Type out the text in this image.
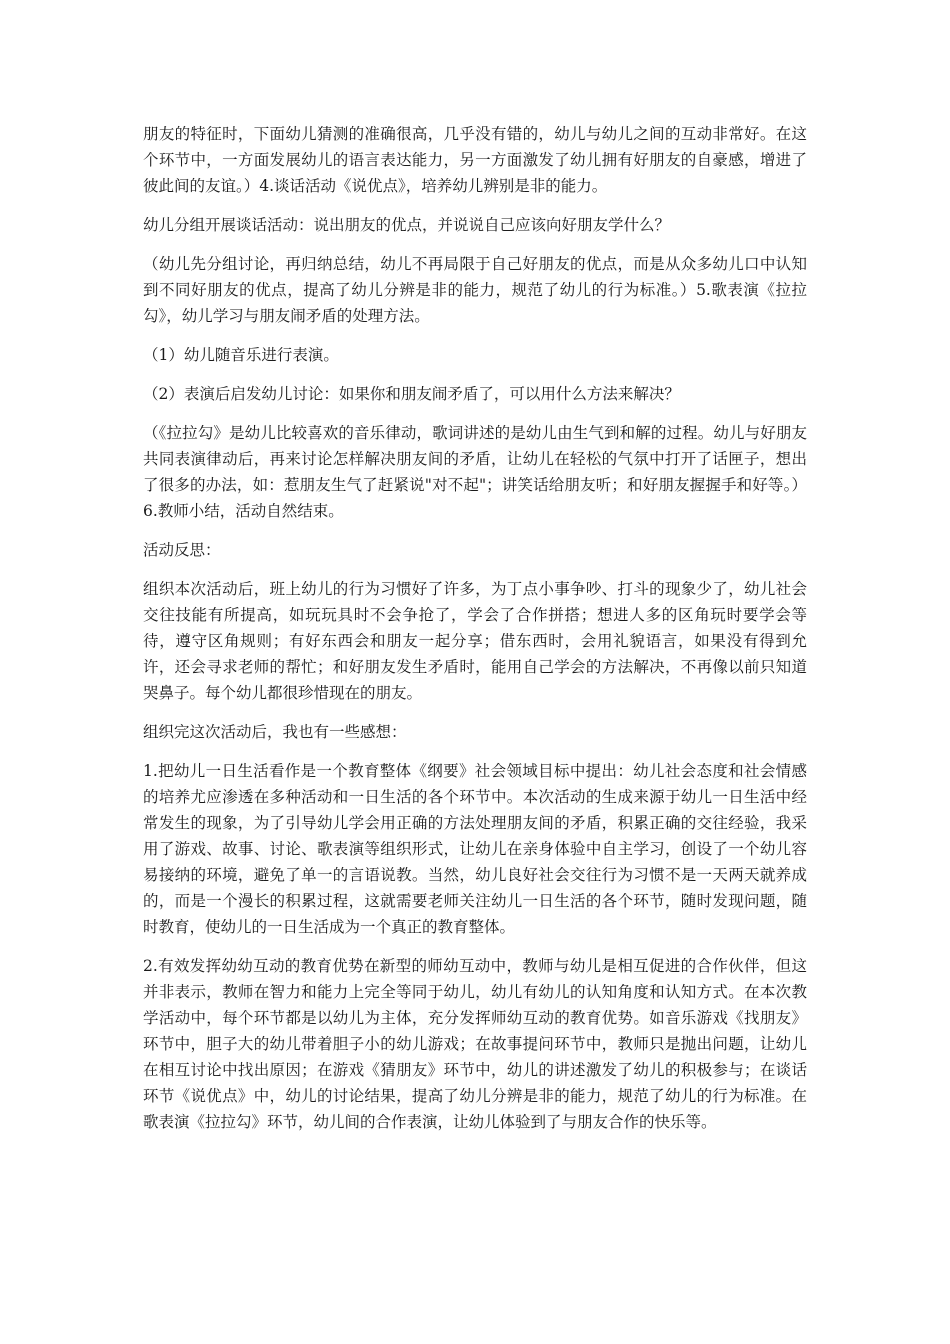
朋友的特征时，下面幼儿猜测的准确很高，几乎没有错的，幼儿与幼儿之间的互动非常好。在这个环节中，一方面发展幼儿的语言表达能力，另一方面激发了幼儿拥有好朋友的自豪感，增进了彼此间的友谊。）4.谈话活动《说优点》，培养幼儿辨别是非的能力。

幼儿分组开展谈话活动：说出朋友的优点，并说说自己应该向好朋友学什么？

（幼儿先分组讨论，再归纳总结，幼儿不再局限于自己好朋友的优点，而是从众多幼儿口中认知到不同好朋友的优点，提高了幼儿分辨是非的能力，规范了幼儿的行为标准。）5.歌表演《拉拉勾》，幼儿学习与朋友闹矛盾的处理方法。

（1）幼儿随音乐进行表演。

（2）表演后启发幼儿讨论：如果你和朋友闹矛盾了，可以用什么方法来解决？

（《拉拉勾》是幼儿比较喜欢的音乐律动，歌词讲述的是幼儿由生气到和解的过程。幼儿与好朋友共同表演律动后，再来讨论怎样解决朋友间的矛盾，让幼儿在轻松的气氛中打开了话匣子，想出了很多的办法，如：惹朋友生气了赶紧说"对不起"；讲笑话给朋友听；和好朋友握握手和好等。）6.教师小结，活动自然结束。

活动反思：

组织本次活动后，班上幼儿的行为习惯好了许多，为丁点小事争吵、打斗的现象少了，幼儿社会交往技能有所提高，如玩玩具时不会争抢了，学会了合作拼搭；想进人多的区角玩时要学会等待，遵守区角规则；有好东西会和朋友一起分享；借东西时，会用礼貌语言，如果没有得到允许，还会寻求老师的帮忙；和好朋友发生矛盾时，能用自己学会的方法解决，不再像以前只知道哭鼻子。每个幼儿都很珍惜现在的朋友。

组织完这次活动后，我也有一些感想：

1.把幼儿一日生活看作是一个教育整体《纲要》社会领域目标中提出：幼儿社会态度和社会情感的培养尤应渗透在多种活动和一日生活的各个环节中。本次活动的生成来源于幼儿一日生活中经常发生的现象，为了引导幼儿学会用正确的方法处理朋友间的矛盾，积累正确的交往经验，我采用了游戏、故事、讨论、歌表演等组织形式，让幼儿在亲身体验中自主学习，创设了一个幼儿容易接纳的环境，避免了单一的言语说教。当然，幼儿良好社会交往行为习惯不是一天两天就养成的，而是一个漫长的积累过程，这就需要老师关注幼儿一日生活的各个环节，随时发现问题，随时教育，使幼儿的一日生活成为一个真正的教育整体。

2.有效发挥幼幼互动的教育优势在新型的师幼互动中，教师与幼儿是相互促进的合作伙伴，但这并非表示，教师在智力和能力上完全等同于幼儿，幼儿有幼儿的认知角度和认知方式。在本次教学活动中，每个环节都是以幼儿为主体，充分发挥师幼互动的教育优势。如音乐游戏《找朋友》环节中，胆子大的幼儿带着胆子小的幼儿游戏；在故事提问环节中，教师只是抛出问题，让幼儿在相互讨论中找出原因；在游戏《猜朋友》环节中，幼儿的讲述激发了幼儿的积极参与；在谈话环节《说优点》中，幼儿的讨论结果，提高了幼儿分辨是非的能力，规范了幼儿的行为标准。在歌表演《拉拉勾》环节，幼儿间的合作表演，让幼儿体验到了与朋友合作的快乐等。
